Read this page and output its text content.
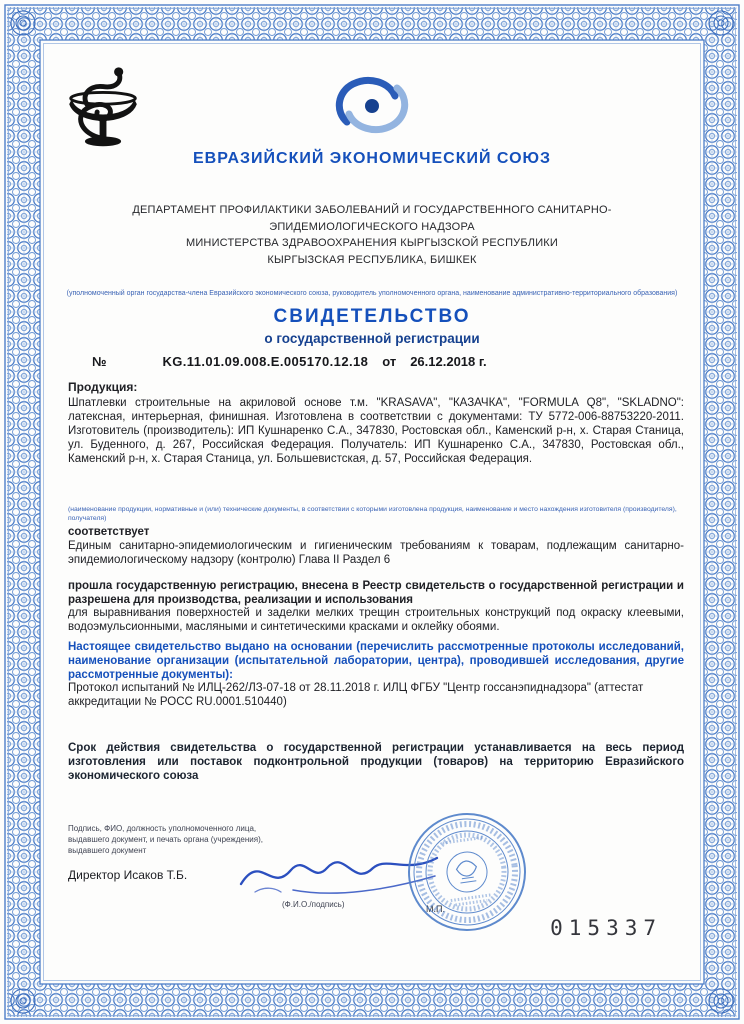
ЕВРАЗИЙСКИЙ ЭКОНОМИЧЕСКИЙ СОЮЗ
ДЕПАРТАМЕНТ ПРОФИЛАКТИКИ ЗАБОЛЕВАНИЙ И ГОСУДАРСТВЕННОГО САНИТАРНО-
ЭПИДЕМИОЛОГИЧЕСКОГО НАДЗОРА
МИНИСТЕРСТВА ЗДРАВООХРАНЕНИЯ КЫРГЫЗСКОЙ РЕСПУБЛИКИ
КЫРГЫЗСКАЯ РЕСПУБЛИКА, БИШКЕК
(уполномоченный орган государства-члена Евразийского экономического союза, руководитель уполномоченного органа, наименование административно-территориального образования)
СВИДЕТЕЛЬСТВО
о государственной регистрации
№	KG.11.01.09.008.E.005170.12.18 от 26.12.2018 г.
Продукция:
Шпатлевки строительные на акриловой основе т.м. "KRASAVA", "КАЗАЧКА", "FORMULA Q8", "SKLADNO": латексная, интерьерная, финишная. Изготовлена в соответствии с документами: ТУ 5772-006-88753220-2011. Изготовитель (производитель): ИП Кушнаренко С.А., 347830, Ростовская обл., Каменский р-н, х. Старая Станица, ул. Буденного, д. 267, Российская Федерация. Получатель: ИП Кушнаренко С.А., 347830, Ростовская обл., Каменский р-н, х. Старая Станица, ул. Большевистская, д. 57, Российская Федерация.
(наименование продукции, нормативные и (или) технические документы, в соответствии с которыми изготовлена продукция, наименование и место нахождения изготовителя (производителя), получателя)
соответствует
Единым санитарно-эпидемиологическим и гигиеническим требованиям к товарам, подлежащим санитарно-эпидемиологическому надзору (контролю) Глава II Раздел 6
прошла государственную регистрацию, внесена в Реестр свидетельств о государственной регистрации и разрешена для производства, реализации и использования
для выравнивания поверхностей и заделки мелких трещин строительных конструкций под окраску клеевыми, водоэмульсионными, масляными и синтетическими красками и оклейку обоями.
Настоящее свидетельство выдано на основании (перечислить рассмотренные протоколы исследований, наименование организации (испытательной лаборатории, центра), проводившей исследования, другие рассмотренные документы):
Протокол испытаний № ИЛЦ-262/ЛЗ-07-18 от 28.11.2018 г. ИЛЦ ФГБУ "Центр госсанэпиднадзора" (аттестат аккредитации № РОСС RU.0001.510440)
Срок действия свидетельства о государственной регистрации устанавливается на весь период изготовления или поставок подконтрольной продукции (товаров) на территорию Евразийского экономического союза
Подпись, ФИО, должность уполномоченного лица,
выдавшего документ, и печать органа (учреждения),
выдавшего документ
Директор Исаков Т.Б.
(Ф.И.О./подпись)	М.П.
015337
